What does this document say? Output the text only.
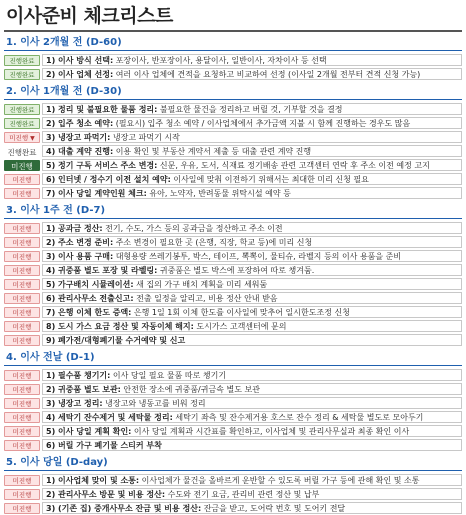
이사준비 체크리스트
1. 이사 2개월 전 (D-60)
진행완료	1) 이사 방식 선택: 포장이사, 반포장이사, 용달이사, 일반이사, 자차이사 등 선택
진행완료	2) 이사 업체 선정: 여러 이사 업체에 견적을 요청하고 비교하여 선정 (이사일 2개월 전부터 견적 신청 가능)
2. 이사 1개월 전 (D-30)
진행완료	1) 정리 및 불필요한 물품 정리: 불필요한 물건을 정리하고 버릴 것, 기부할 것을 결정
진행완료	2) 입주 청소 예약: (필요시) 입주 청소 예약 / 이사업체에서 추가금액 지불 시 함께 진행하는 경우도 많음
미진행 ▼	3) 냉장고 파먹기: 냉장고 파먹기 시작
진행완료	4) 대출 계약 진행: 이용 확인 및 부동산 계약서 제출 등 대출 관련 계약 진행
미진행	5) 정기 구독 서비스 주소 변경: 신문, 우유, 도서, 식재료 정기배송 관련 고객센터 연락 후 주소 이전 예정 고지
미진행	6) 인터넷 / 정수기 이전 설치 예약: 이사일에 맞춰 이전하기 위해서는 최대한 미리 신청 필요
미진행	7) 이사 당일 계약인원 체크: 유아, 노약자, 반려동물 위탁시설 예약 등
3. 이사 1주 전 (D-7)
미진행	1) 공과금 정산: 전기, 수도, 가스 등의 공과금을 정산하고 주소 이전
미진행	2) 주소 변경 준비: 주소 변경이 필요한 곳 (은행, 직장, 학교 등)에 미리 신청
미진행	3) 이사 용품 구매: 대형용량 쓰레기봉투, 박스, 테이프, 뽁뽁이, 물티슈, 라벨지 등의 이사 용품을 준비
미진행	4) 귀중품 별도 포장 및 라벨링: 귀중품은 별도 박스에 포장하여 따로 챙겨둠.
미진행	5) 가구배치 시뮬레이션: 새 집의 가구 배치 계획을 미리 세워둠
미진행	6) 관리사무소 전출신고: 전출 일정을 알리고, 비용 정산 안내 받음
미진행	7) 은행 이체 한도 증액: 은행 1일 1회 이체 한도를 이사일에 맞추어 일시한도조정 신청
미진행	8) 도시 가스 요금 정산 및 자동이체 해지: 도시가스 고객센터에 문의
미진행	9) 폐가전/대형폐기물 수거예약 및 신고
4. 이사 전날 (D-1)
미진행	1) 필수품 챙기기: 이사 당일 필요 물품 따로 챙기기
미진행	2) 귀중품 별도 보관: 안전한 장소에 귀중품/귀금속 별도 보관
미진행	3) 냉장고 정리: 냉장고와 냉동고를 비워 정리
미진행	4) 세탁기 잔수제거 및 세탁물 정리: 세탁기 좌측 및 잔수제거용 호스로 잔수 정리 & 세탁물 별도로 모아두기
미진행	5) 이사 당일 계획 확인: 이사 당일 계획과 시간표를 확인하고, 이사업체 및 관리사무실과 최종 확인 이사
미진행	6) 버릴 가구 폐기물 스티커 부착
5. 이사 당일 (D-day)
미진행	1) 이사업체 맞이 및 소통: 이사업체가 물건을 올바르게 운반할 수 있도록 버릴 가구 등에 관해 확인 및 소통
미진행	2) 관리사무소 방문 및 비용 정산: 수도와 전기 요금, 관리비 관련 정산 및 납부
미진행	3) (기존 집) 중개사무소 잔금 및 비용 정산: 잔금을 받고, 도어락 번호 및 도어키 전달
